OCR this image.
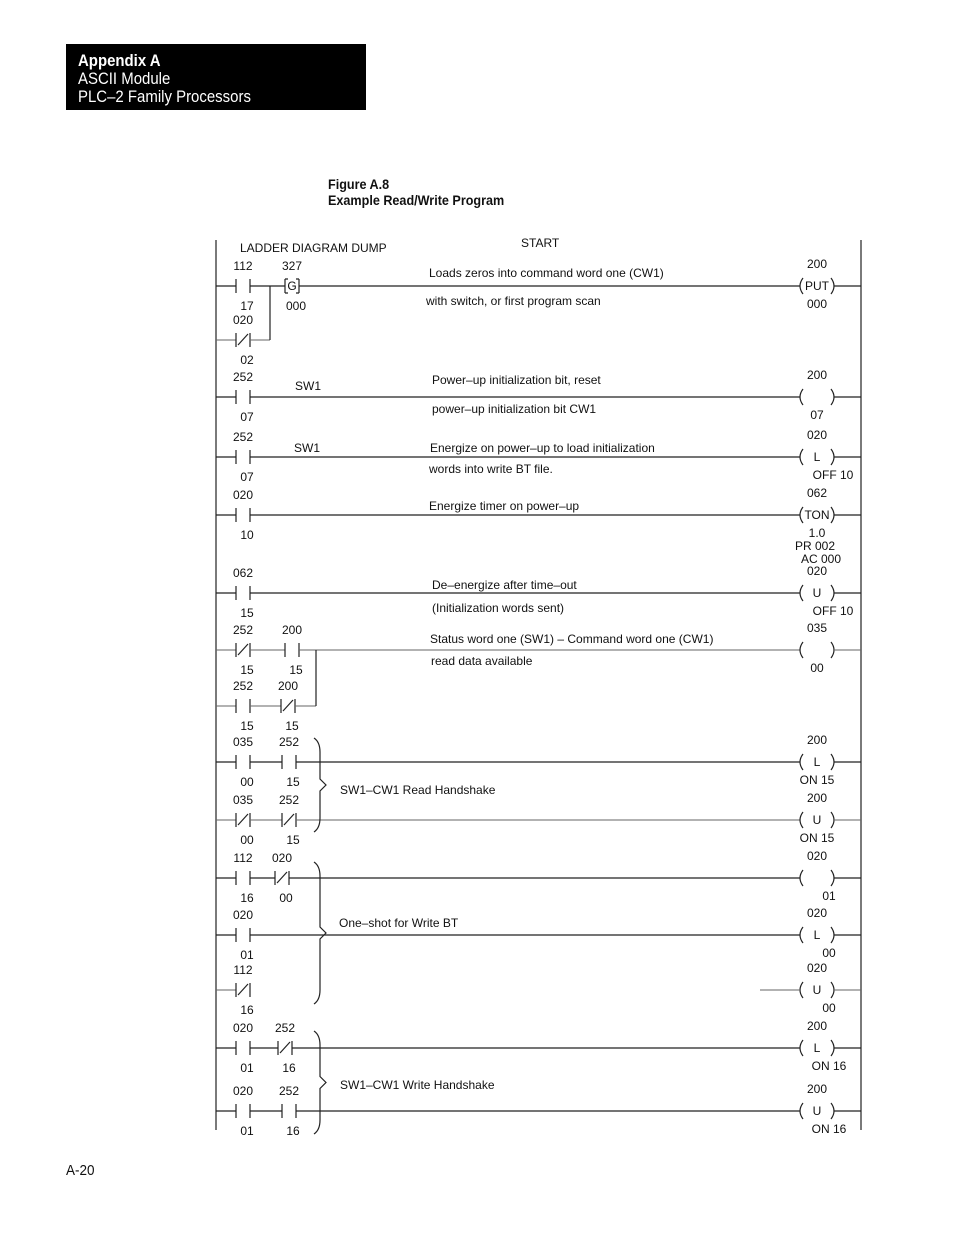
Appendix A
ASCII Module
PLC–2 Family Processors
Figure A.8
Example Read/Write Program
LADDER DIAGRAM DUMP	START
112
17
327
G
000
200
PUT
000
020
02
Loads zeros into command word one (CW1)
with switch, or first program scan
252
07
200
07
SW1	Power–up initialization bit, reset
power–up initialization bit CW1
252
07
020
L
OFF 10
SW1	Energize on power–up to load initialization
words into write BT file.
020
10
062
TON
1.0
PR 002
AC 000
Energize timer on power–up
062
15
020
U
OFF 10
De–energize after time–out
(Initialization words sent)
252
15
200
15
035
00
252
15
200
15
Status word one (SW1) – Command word one (CW1)
read data available
035
00
252
15
200
L
ON 15
035
00
252
15
200
U
ON 15
SW1–CW1 Read Handshake
112
16
020
00
020
01
020
01
020
L
00
112
16
020
U
00
One–shot for Write BT
020
01
252
16
200
L
ON 16
020
01
252
16
200
U
ON 16
SW1–CW1 Write Handshake
A-20
